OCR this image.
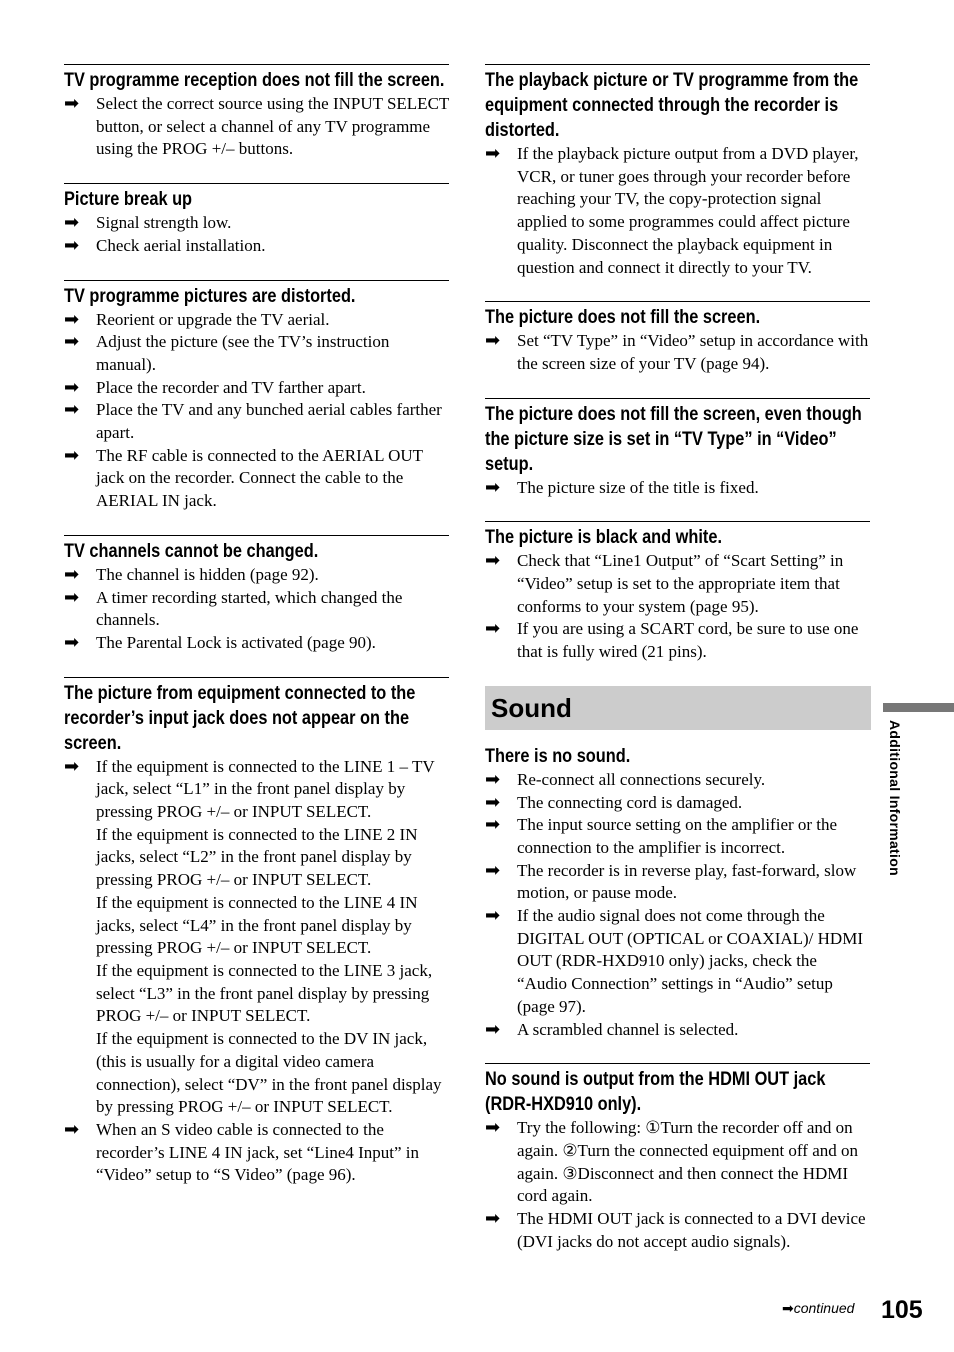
TV programme reception does not fill the screen.
➡ Select the correct source using the INPUT SELECT button, or select a channel of any TV programme using the PROG +/– buttons.

Picture break up
➡ Signal strength low.

➡ Check aerial installation.

TV programme pictures are distorted.
➡ Reorient or upgrade the TV aerial.

➡ Adjust the picture (see the TV’s instruction manual).

➡ Place the recorder and TV farther apart.

➡ Place the TV and any bunched aerial cables farther apart.

➡ The RF cable is connected to the AERIAL OUT jack on the recorder. Connect the cable to the AERIAL IN jack.

TV channels cannot be changed.
➡ The channel is hidden (page 92).

➡ A timer recording started, which changed the channels.

➡ The Parental Lock is activated (page 90).

The picture from equipment connected to the recorder’s input jack does not appear on the screen.
➡ If the equipment is connected to the LINE 1 – TV jack, select “L1” in the front panel display by pressing PROG +/– or INPUT SELECT.

If the equipment is connected to the LINE 2 IN jacks, select “L2” in the front panel display by pressing PROG +/– or INPUT SELECT.

If the equipment is connected to the LINE 4 IN jacks, select “L4” in the front panel display by pressing PROG +/– or INPUT SELECT.

If the equipment is connected to the LINE 3 jack, select “L3” in the front panel display by pressing PROG +/– or INPUT SELECT.

If the equipment is connected to the DV IN jack, (this is usually for a digital video camera connection), select “DV” in the front panel display by pressing PROG +/– or INPUT SELECT.

➡ When an S video cable is connected to the recorder’s LINE 4 IN jack, set “Line4 Input” in “Video” setup to “S Video” (page 96).

The playback picture or TV programme from the equipment connected through the recorder is distorted.
➡ If the playback picture output from a DVD player, VCR, or tuner goes through your recorder before reaching your TV, the copy-protection signal applied to some programmes could affect picture quality. Disconnect the playback equipment in question and connect it directly to your TV.

The picture does not fill the screen.
➡ Set “TV Type” in “Video” setup in accordance with the screen size of your TV (page 94).

The picture does not fill the screen, even though the picture size is set in “TV Type” in “Video” setup.
➡ The picture size of the title is fixed.

The picture is black and white.
➡ Check that “Line1 Output” of “Scart Setting” in “Video” setup is set to the appropriate item that conforms to your system (page 95).

➡ If you are using a SCART cord, be sure to use one that is fully wired (21 pins).

Sound
There is no sound.
➡ Re-connect all connections securely.

➡ The connecting cord is damaged.

➡ The input source setting on the amplifier or the connection to the amplifier is incorrect.

➡ The recorder is in reverse play, fast-forward, slow motion, or pause mode.

➡ If the audio signal does not come through the DIGITAL OUT (OPTICAL or COAXIAL)/ HDMI OUT (RDR-HXD910 only) jacks, check the “Audio Connection” settings in “Audio” setup (page 97).

➡ A scrambled channel is selected.

No sound is output from the HDMI OUT jack (RDR-HXD910 only).
➡ Try the following: ①Turn the recorder off and on again. ②Turn the connected equipment off and on again. ③Disconnect and then connect the HDMI cord again.

➡ The HDMI OUT jack is connected to a DVI device (DVI jacks do not accept audio signals).

Additional Information
➡continued 105
